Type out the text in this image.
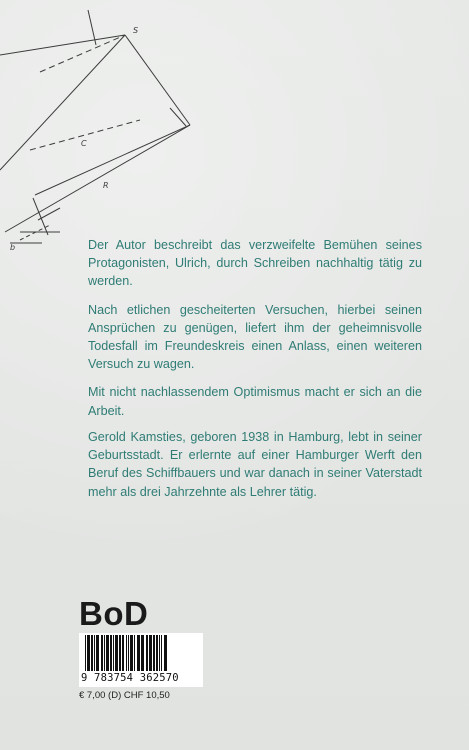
S
C
R
b	Der Autor beschreibt das verzweifelte Bemühen seines Protagonisten, Ulrich, durch Schreiben nachhaltig tätig zu werden.

Nach etlichen gescheiterten Versuchen, hierbei seinen Ansprüchen zu genügen, liefert ihm der geheimnisvolle Todesfall im Freundeskreis einen Anlass, einen weiteren Versuch zu wagen.

Mit nicht nachlassendem Optimismus macht er sich an die Arbeit.

Gerold Kamsties, geboren 1938 in Hamburg, lebt in seiner Geburtsstadt. Er erlernte auf einer Hamburger Werft den Beruf des Schiffbauers und war danach in seiner Vaterstadt mehr als drei Jahrzehnte als Lehrer tätig.

BoD
9 783754 362570
€ 7,00 (D) CHF 10,50
